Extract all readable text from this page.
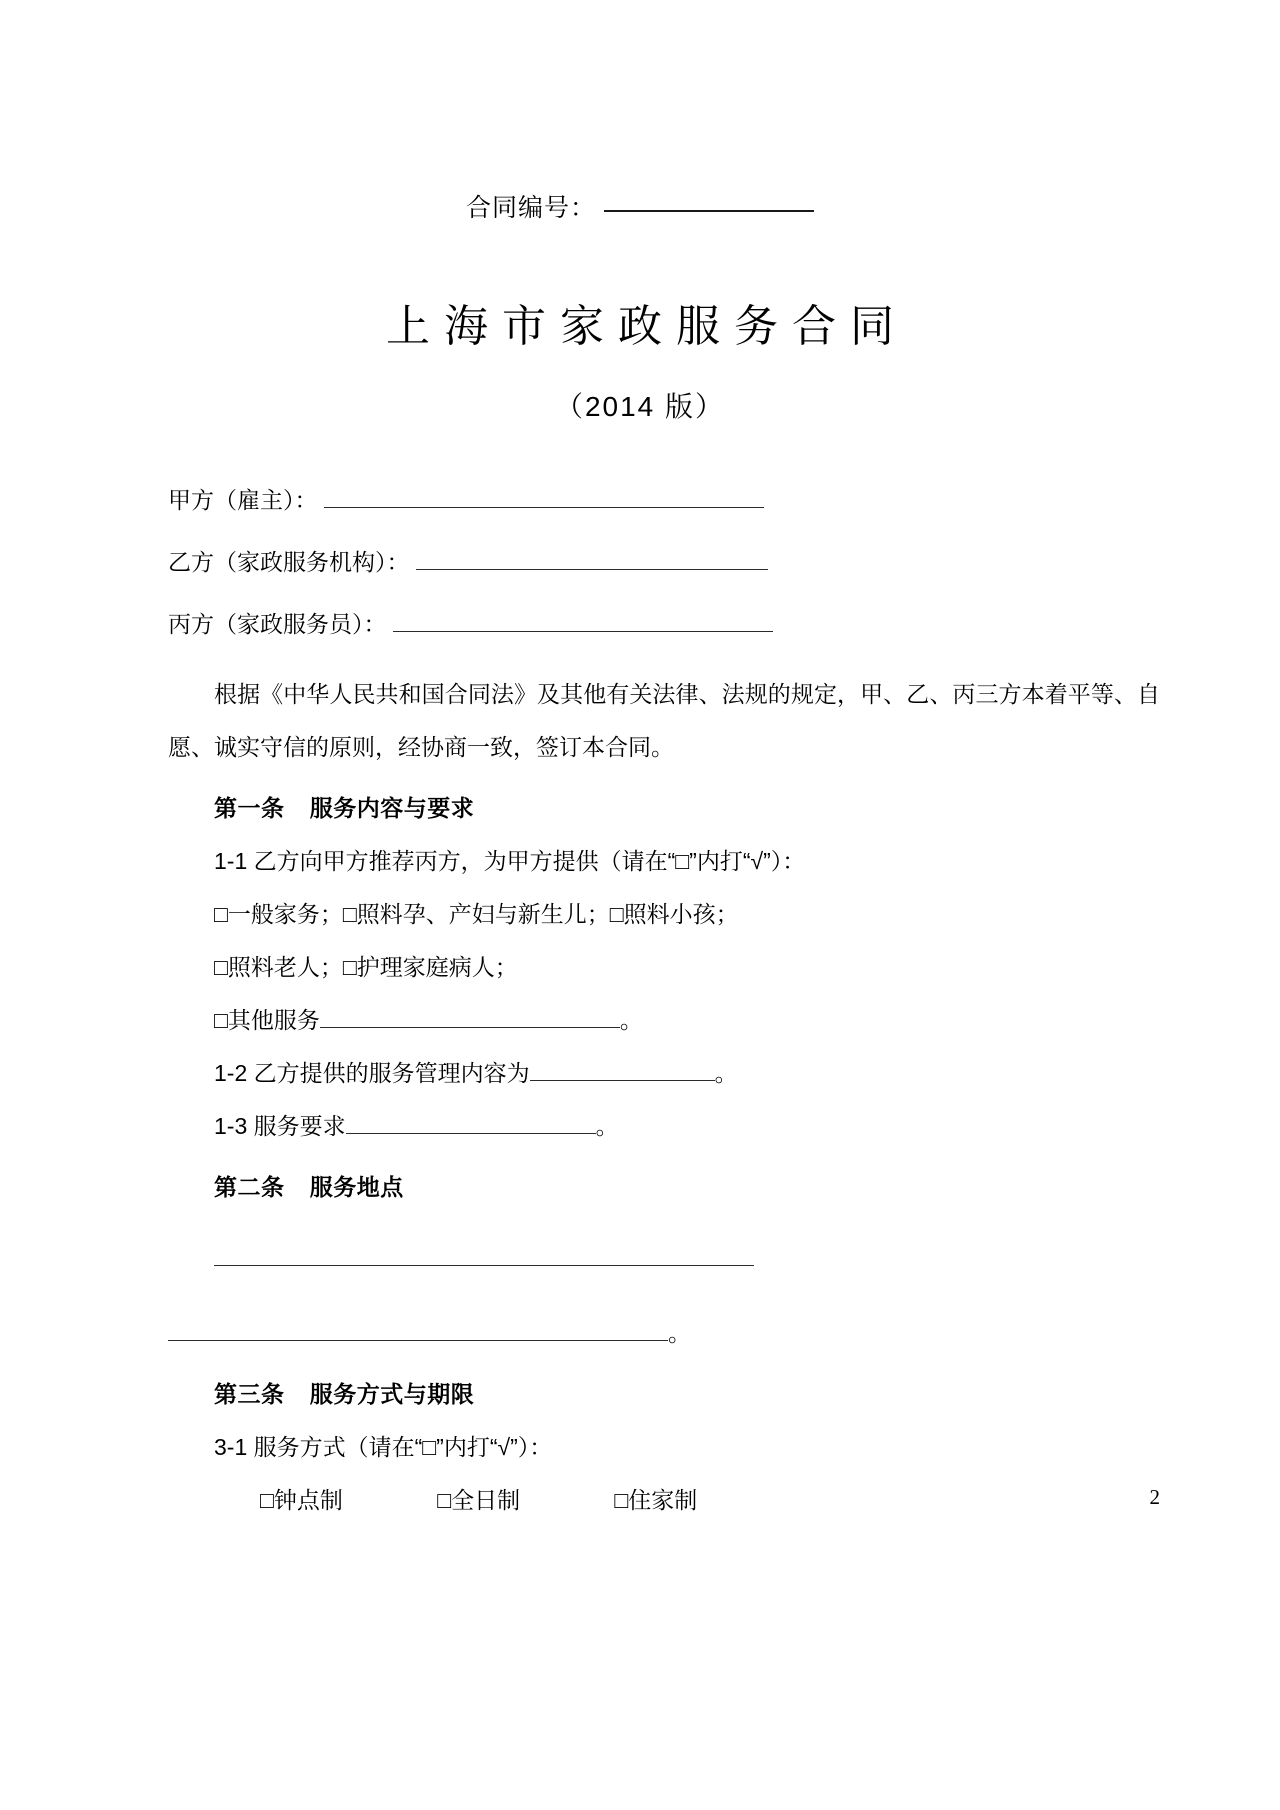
合同编号：
上海市家政服务合同
（2014 版）
甲方（雇主）：
乙方（家政服务机构）：
丙方（家政服务员）：

根据《中华人民共和国合同法》及其他有关法律、法规的规定，甲、乙、丙三方本着平等、自愿、诚实守信的原则，经协商一致，签订本合同。

第一条 服务内容与要求

1-1 乙方向甲方推荐丙方，为甲方提供（请在“□”内打“√”）：

□一般家务；□照料孕、产妇与新生儿；□照料小孩；

□照料老人；□护理家庭病人；

□其他服务	。

1-2 乙方提供的服务管理内容为	。

1-3 服务要求	。

第二条 服务地点

。

第三条 服务方式与期限

3-1 服务方式（请在“□”内打“√”）：

□钟点制	□全日制	□住家制	2
